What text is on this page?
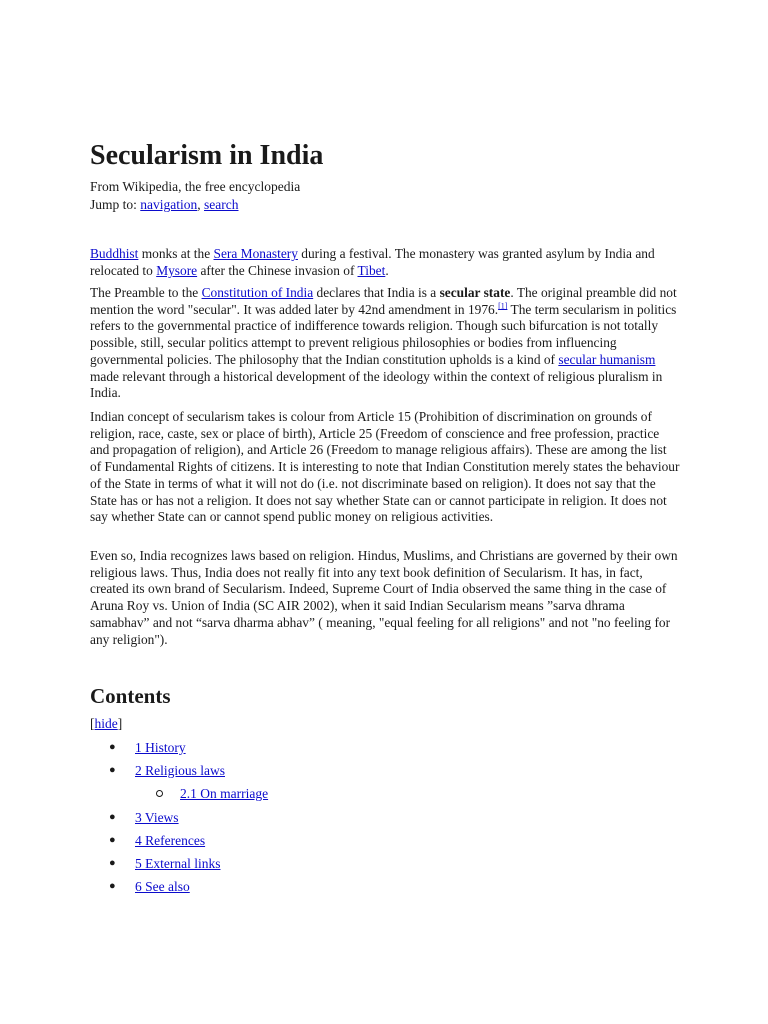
Secularism in India
From Wikipedia, the free encyclopedia
Jump to: navigation, search
Buddhist monks at the Sera Monastery during a festival. The monastery was granted asylum by India and relocated to Mysore after the Chinese invasion of Tibet.
The Preamble to the Constitution of India declares that India is a secular state. The original preamble did not mention the word "secular". It was added later by 42nd amendment in 1976.[1] The term secularism in politics refers to the governmental practice of indifference towards religion. Though such bifurcation is not totally possible, still, secular politics attempt to prevent religious philosophies or bodies from influencing governmental policies. The philosophy that the Indian constitution upholds is a kind of secular humanism made relevant through a historical development of the ideology within the context of religious pluralism in India.
Indian concept of secularism takes is colour from Article 15 (Prohibition of discrimination on grounds of religion, race, caste, sex or place of birth), Article 25 (Freedom of conscience and free profession, practice and propagation of religion), and Article 26 (Freedom to manage religious affairs). These are among the list of Fundamental Rights of citizens. It is interesting to note that Indian Constitution merely states the behaviour of the State in terms of what it will not do (i.e. not discriminate based on religion). It does not say that the State has or has not a religion. It does not say whether State can or cannot participate in religion. It does not say whether State can or cannot spend public money on religious activities.
Even so, India recognizes laws based on religion. Hindus, Muslims, and Christians are governed by their own religious laws. Thus, India does not really fit into any text book definition of Secularism. It has, in fact, created its own brand of Secularism. Indeed, Supreme Court of India observed the same thing in the case of Aruna Roy vs. Union of India (SC AIR 2002), when it said Indian Secularism means ”sarva dhrama samabhav” and not “sarva dharma abhav” ( meaning, "equal feeling for all religions" and not "no feeling for any religion").
Contents
[hide]
● 1 History
● 2 Religious laws
2.1 On marriage
● 3 Views
● 4 References
● 5 External links
● 6 See also
